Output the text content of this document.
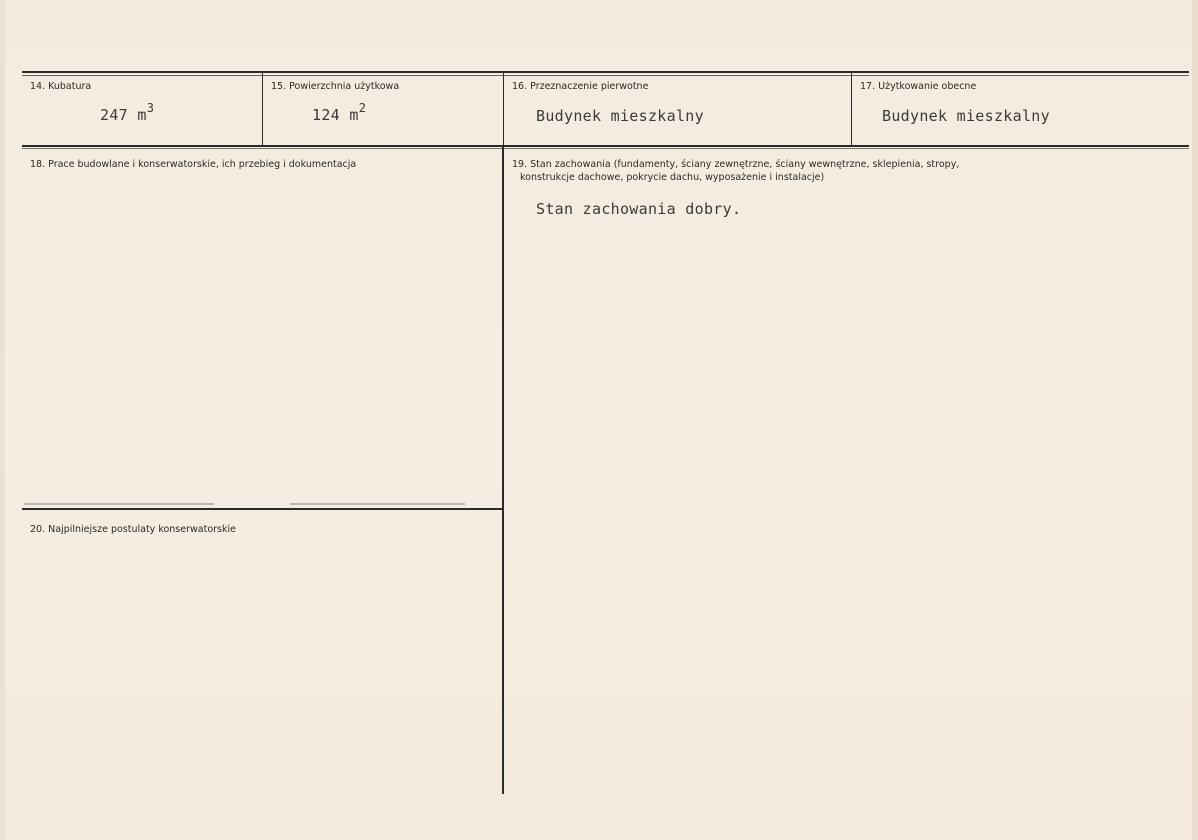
14. Kubatura
247 $m^3$
15. Powierzchnia użytkowa
124 $m^2$
16. Przeznaczenie pierwotne
Budynek mieszkalny
17. Użytkowanie obecne
Budynek mieszkalny
18. Prace budowlane i konserwatorskie, ich przebieg i dokumentacja	19. Stan zachowania (fundamenty, ściany zewnętrzne, ściany wewnętrzne, sklepienia, stropy,
konstrukcje dachowe, pokrycie dachu, wyposażenie i instalacje)
Stan zachowania dobry.
20. Najpilniejsze postulaty konserwatorskie
